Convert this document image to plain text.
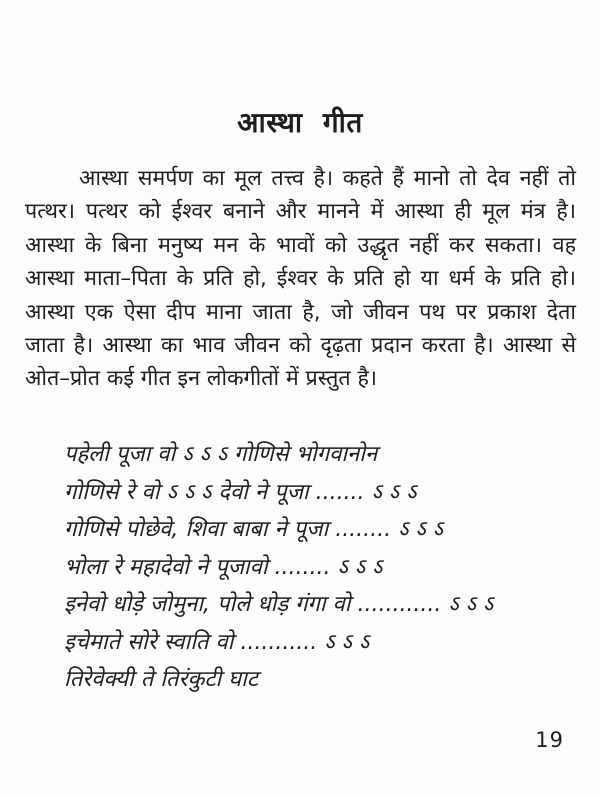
आस्था गीत
आस्था समर्पण का मूल तत्त्व है। कहते हैं मानो तो देव नहीं तो पत्थर। पत्थर को ईश्वर बनाने और मानने में आस्था ही मूल मंत्र है। आस्था के बिना मनुष्य मन के भावों को उद्धृत नहीं कर सकता। वह आस्था माता–पिता के प्रति हो, ईश्वर के प्रति हो या धर्म के प्रति हो। आस्था एक ऐसा दीप माना जाता है, जो जीवन पथ पर प्रकाश देता जाता है। आस्था का भाव जीवन को दृढ़ता प्रदान करता है। आस्था से ओत–प्रोत कई गीत इन लोकगीतों में प्रस्तुत है।
पहेली पूजा वो ऽ ऽ ऽ गोणिसे भोगवानोन
गोणिसे रे वो ऽ ऽ ऽ देवो ने पूजा ....... ऽ ऽ ऽ
गोणिसे पोछेवे, शिवा बाबा ने पूजा ........ ऽ ऽ ऽ
भोला रे महादेवो ने पूजावो ........ ऽ ऽ ऽ
इनेवो धोड़े जोमुना, पोले धोड़ गंगा वो ............ ऽ ऽ ऽ
इचेमाते सोरे स्वाति वो ........... ऽ ऽ ऽ
तिरेवेक्यी ते तिरंकुटी घाट
19
